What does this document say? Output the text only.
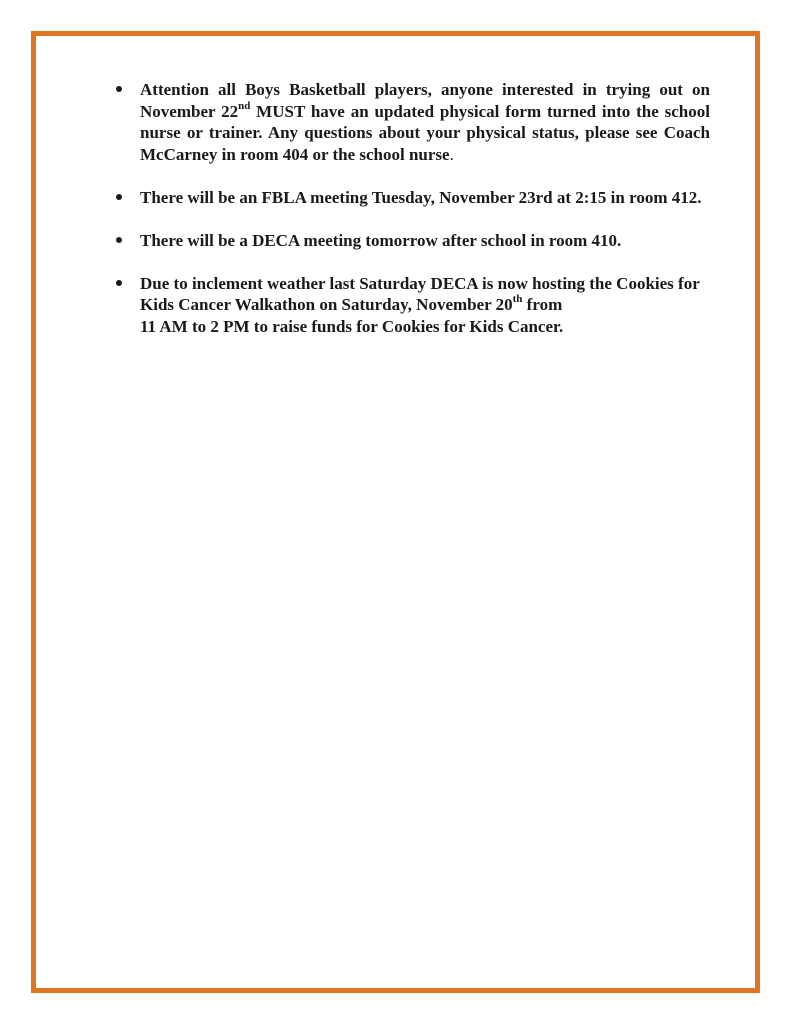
Attention all Boys Basketball players, anyone interested in trying out on November 22nd MUST have an updated physical form turned into the school nurse or trainer. Any questions about your physical status, please see Coach McCarney in room 404 or the school nurse.
There will be an FBLA meeting Tuesday, November 23rd at 2:15 in room 412.
There will be a DECA meeting tomorrow after school in room 410.
Due to inclement weather last Saturday DECA is now hosting the Cookies for Kids Cancer Walkathon on Saturday, November 20th from
11 AM to 2 PM to raise funds for Cookies for Kids Cancer.
